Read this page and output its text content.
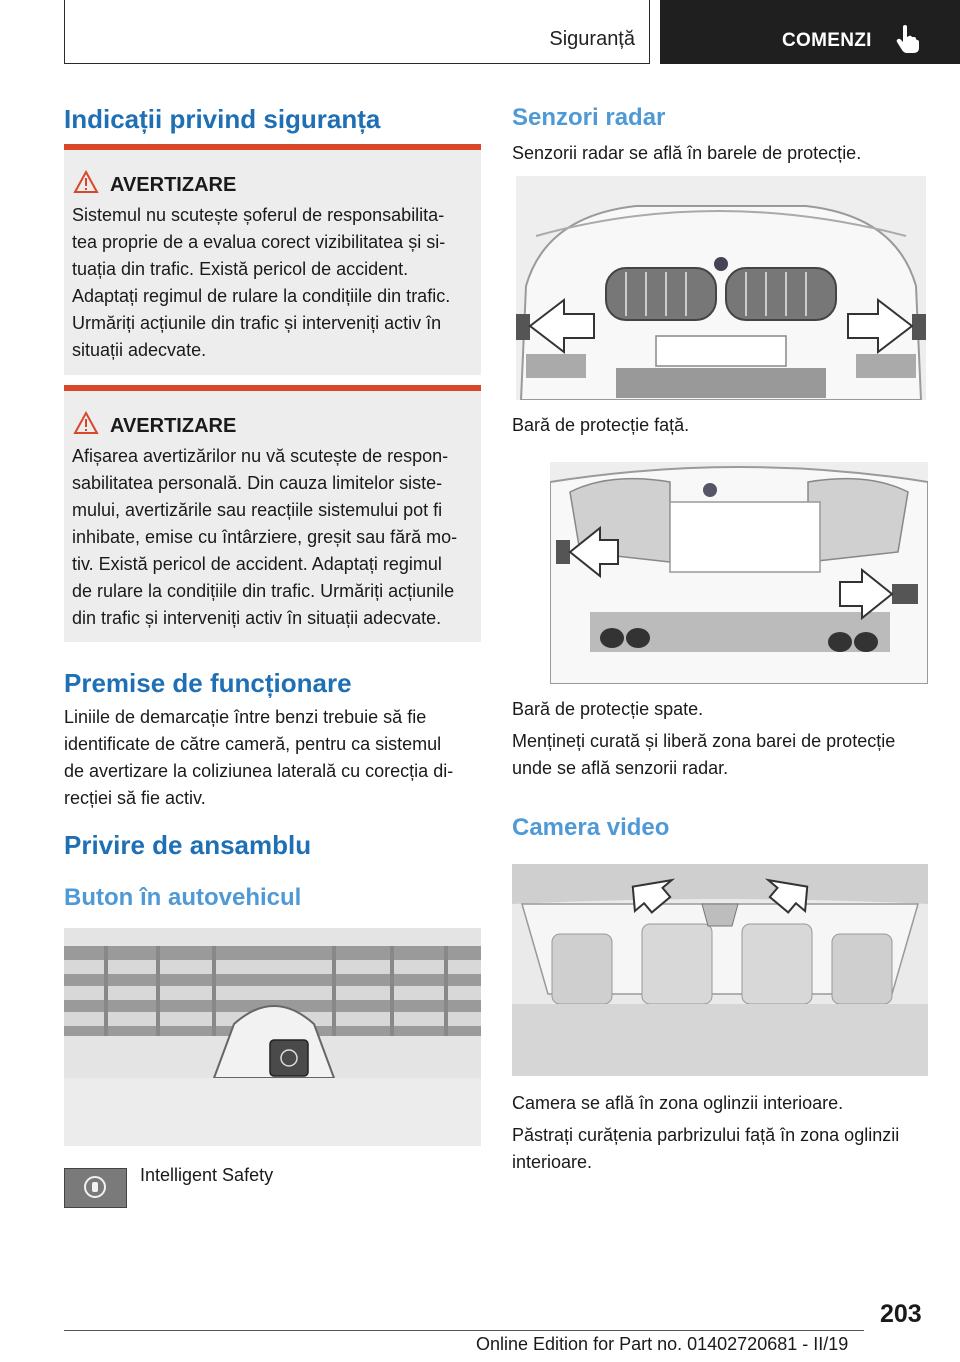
Siguranță	COMENZI
Indicații privind siguranța
AVERTIZARE
Sistemul nu scutește șoferul de responsabilita-
tea proprie de a evalua corect vizibilitatea și si-
tuația din trafic. Există pericol de accident.
Adaptați regimul de rulare la condițiile din trafic.
Urmăriți acțiunile din trafic și interveniți activ în
situații adecvate.
AVERTIZARE
Afișarea avertizărilor nu vă scutește de respon-
sabilitatea personală. Din cauza limitelor siste-
mului, avertizările sau reacțiile sistemului pot fi
inhibate, emise cu întârziere, greșit sau fără mo-
tiv. Există pericol de accident. Adaptați regimul
de rulare la condițiile din trafic. Urmăriți acțiunile
din trafic și interveniți activ în situații adecvate.
Premise de funcționare
Liniile de demarcație între benzi trebuie să fie
identificate de către cameră, pentru ca sistemul
de avertizare la coliziunea laterală cu corecția di-
recției să fie activ.
Privire de ansamblu
Buton în autovehicul
Intelligent Safety
Senzori radar
Senzorii radar se află în barele de protecție.
Bară de protecție față.
Bară de protecție spate.
Mențineți curată și liberă zona barei de protecție
unde se află senzorii radar.
Camera video
Camera se află în zona oglinzii interioare.
Păstrați curățenia parbrizului față în zona oglinzii
interioare.
203
Online Edition for Part no. 01402720681 - II/19
